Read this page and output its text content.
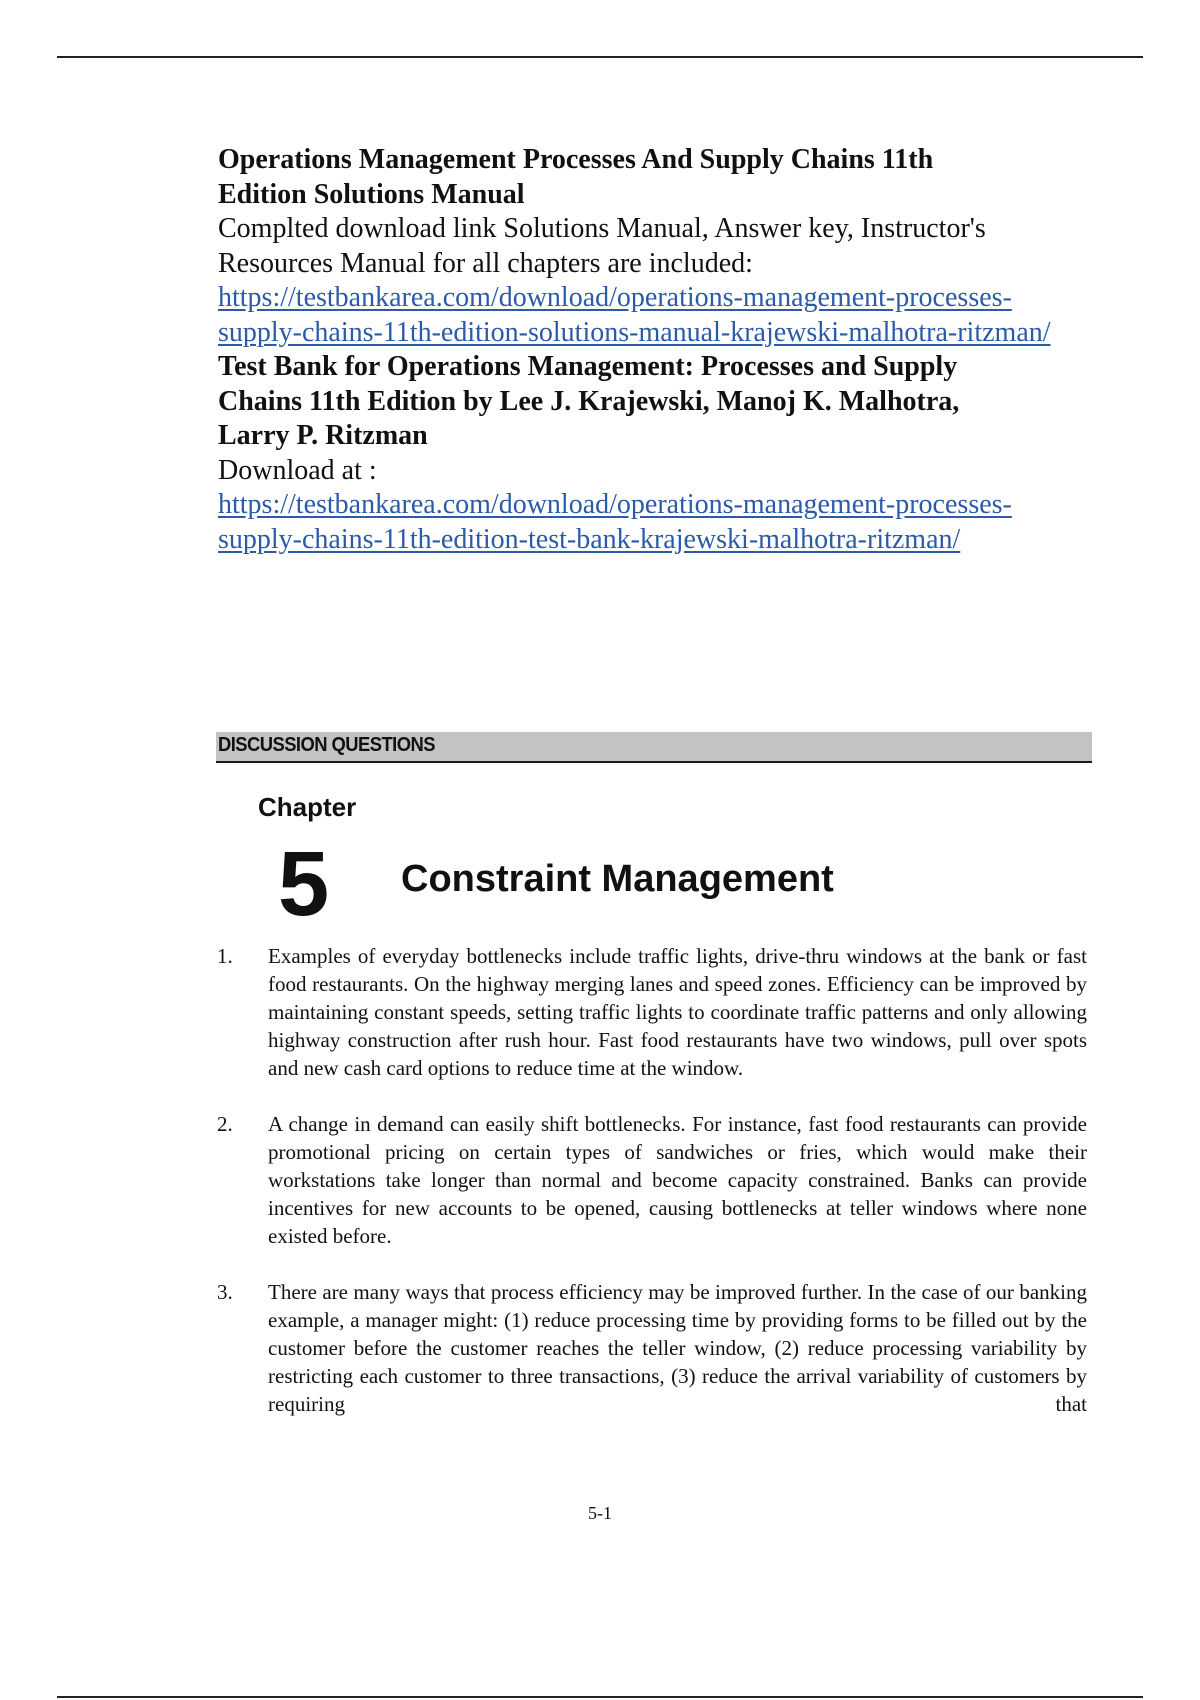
Operations Management Processes And Supply Chains 11th
Edition Solutions Manual
Complted download link Solutions Manual, Answer key, Instructor's
Resources Manual for all chapters are included:
https://testbankarea.com/download/operations-management-processes-
supply-chains-11th-edition-solutions-manual-krajewski-malhotra-ritzman/
Test Bank for Operations Management: Processes and Supply
Chains 11th Edition by Lee J. Krajewski, Manoj K. Malhotra,
Larry P. Ritzman
Download at :
https://testbankarea.com/download/operations-management-processes-
supply-chains-11th-edition-test-bank-krajewski-malhotra-ritzman/
DISCUSSION QUESTIONS
Chapter
5 Constraint Management
1. Examples of everyday bottlenecks include traffic lights, drive-thru windows at the bank or fast food restaurants. On the highway merging lanes and speed zones. Efficiency can be improved by maintaining constant speeds, setting traffic lights to coordinate traffic patterns and only allowing highway construction after rush hour. Fast food restaurants have two windows, pull over spots and new cash card options to reduce time at the window.
2. A change in demand can easily shift bottlenecks. For instance, fast food restaurants can provide promotional pricing on certain types of sandwiches or fries, which would make their workstations take longer than normal and become capacity constrained. Banks can provide incentives for new accounts to be opened, causing bottlenecks at teller windows where none existed before.
3. There are many ways that process efficiency may be improved further. In the case of our banking example, a manager might: (1) reduce processing time by providing forms to be filled out by the customer before the customer reaches the teller window, (2) reduce processing variability by restricting each customer to three transactions, (3) reduce the arrival variability of customers by requiring that
5-1
